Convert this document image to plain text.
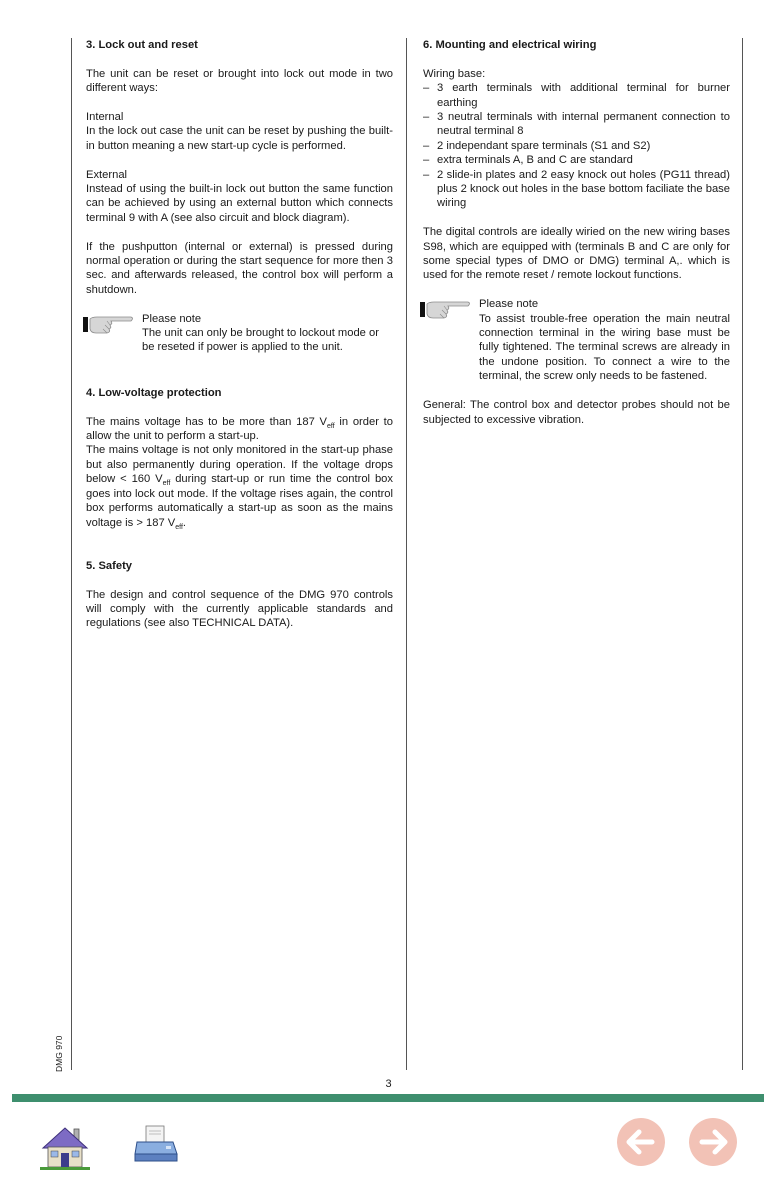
3. Lock out and reset

The unit can be reset or brought into lock out mode in two different ways:

Internal

In the lock out case the unit can be reset by pushing the built-in button meaning a new start-up cycle is performed.

External

Instead of using the built-in lock out button the same function can be achieved by using an external button which connects terminal 9 with A (see also circuit and block diagram).

If the pushputton (internal or external) is pressed during normal operation or during the start sequence for more then 3 sec. and afterwards released, the control box will perform a shutdown.

Please note

The unit can only be brought to lockout mode or be reseted if power is applied to the unit.

4. Low-voltage protection

The mains voltage has to be more than 187 $V_{eff}$ in order to allow the unit to perform a start-up.

The mains voltage is not only monitored in the start-up phase but also permanently during operation. If the voltage drops below < 160 $V_{eff}$ during start-up or run time the control box goes into lock out mode. If the voltage rises again, the control box performs automatically a start-up as soon as the mains voltage is > 187 $V_{eff}$.

5. Safety

The design and control sequence of the DMG 970 controls will comply with the currently applicable standards and regulations (see also TECHNICAL DATA).

6. Mounting and electrical wiring

Wiring base:

– 3 earth terminals with additional terminal for burner earthing
– 3 neutral terminals with internal permanent connection to neutral terminal 8
– 2 independant spare terminals (S1 and S2)
– extra terminals A, B and C are standard
– 2 slide-in plates and 2 easy knock out holes (PG11 thread) plus 2 knock out holes in the base bottom faciliate the base wiring

The digital controls are ideally wiried on the new wiring bases S98, which are equipped with (terminals B and C are only for some special types of DMO or DMG) terminal A,. which is used for the remote reset / remote lockout functions.

Please note

To assist trouble-free operation the main neutral connection terminal in the wiring base must be fully tightened. The terminal screws are already in the undone position. To connect a wire to the terminal, the screw only needs to be fastened.

General: The control box and detector probes should not be subjected to excessive vibration.

DMG 970
3
